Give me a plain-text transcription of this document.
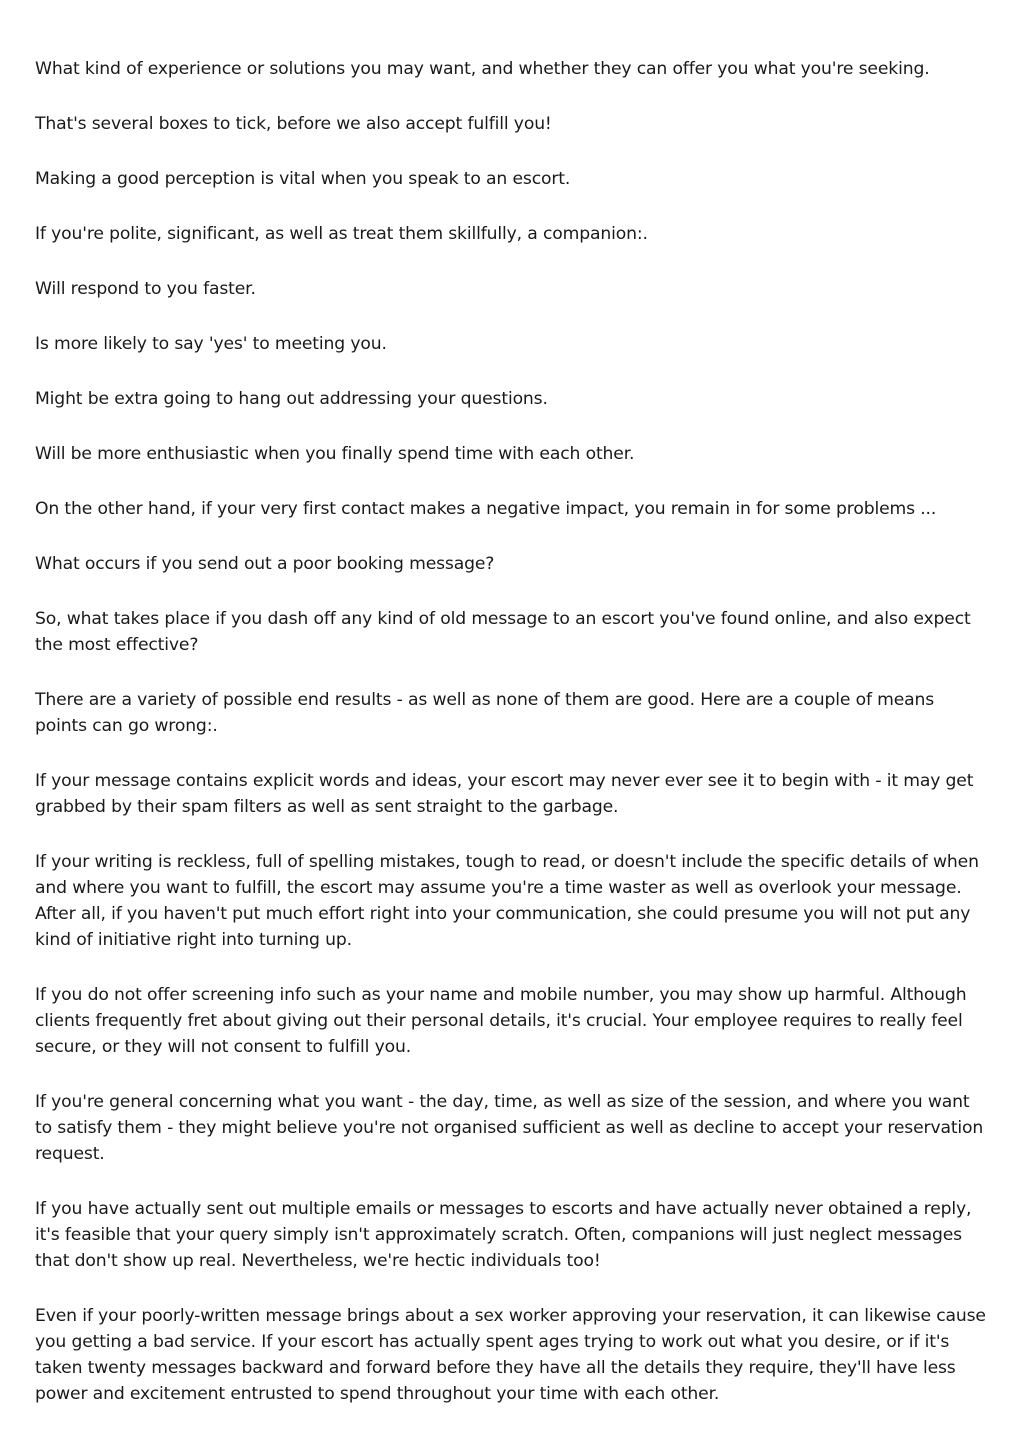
What kind of experience or solutions you may want, and whether they can offer you what you're seeking.

That's several boxes to tick, before we also accept fulfill you!

Making a good perception is vital when you speak to an escort.

If you're polite, significant, as well as treat them skillfully, a companion:.

Will respond to you faster.

Is more likely to say 'yes' to meeting you.

Might be extra going to hang out addressing your questions.

Will be more enthusiastic when you finally spend time with each other.

On the other hand, if your very first contact makes a negative impact, you remain in for some problems ...

What occurs if you send out a poor booking message?

So, what takes place if you dash off any kind of old message to an escort you've found online, and also expect the most effective?

There are a variety of possible end results - as well as none of them are good. Here are a couple of means points can go wrong:.

If your message contains explicit words and ideas, your escort may never ever see it to begin with - it may get grabbed by their spam filters as well as sent straight to the garbage.

If your writing is reckless, full of spelling mistakes, tough to read, or doesn't include the specific details of when and where you want to fulfill, the escort may assume you're a time waster as well as overlook your message. After all, if you haven't put much effort right into your communication, she could presume you will not put any kind of initiative right into turning up.

If you do not offer screening info such as your name and mobile number, you may show up harmful. Although clients frequently fret about giving out their personal details, it's crucial. Your employee requires to really feel secure, or they will not consent to fulfill you.

If you're general concerning what you want - the day, time, as well as size of the session, and where you want to satisfy them - they might believe you're not organised sufficient as well as decline to accept your reservation request.

If you have actually sent out multiple emails or messages to escorts and have actually never obtained a reply, it's feasible that your query simply isn't approximately scratch. Often, companions will just neglect messages that don't show up real. Nevertheless, we're hectic individuals too!

Even if your poorly-written message brings about a sex worker approving your reservation, it can likewise cause you getting a bad service. If your escort has actually spent ages trying to work out what you desire, or if it's taken twenty messages backward and forward before they have all the details they require, they'll have less power and excitement entrusted to spend throughout your time with each other.
